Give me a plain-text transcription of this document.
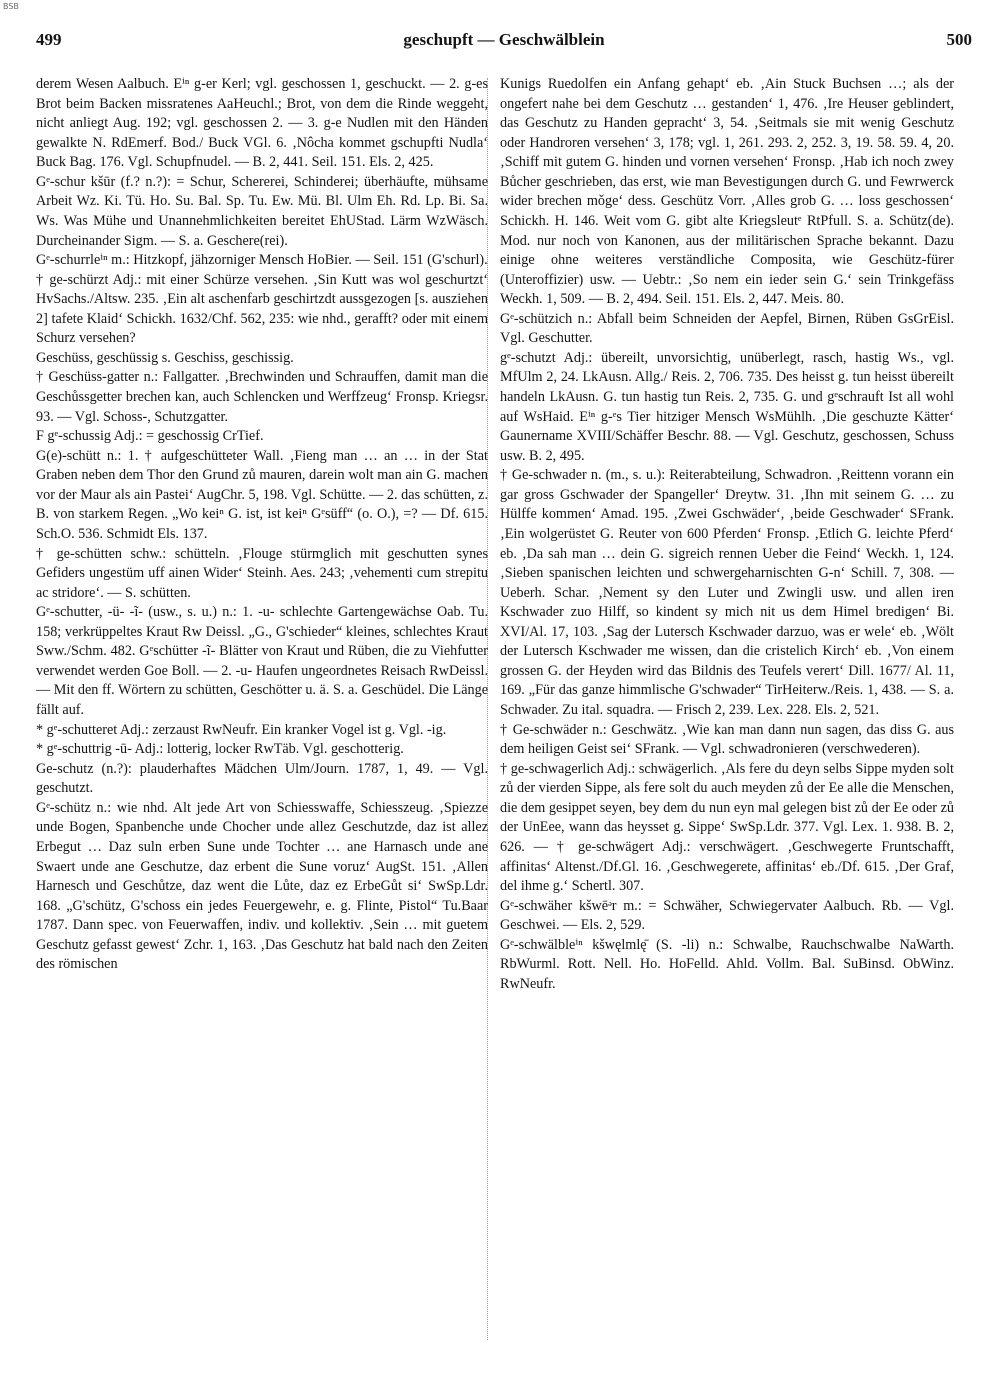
BSB
499	geschupft — Geschwälblein	500

derem Wesen Aalbuch. Eⁱⁿ g-er Kerl; vgl. geschossen 1, geschuckt. — 2. g-es Brot beim Backen missratenes AaHeuchl.; Brot, von dem die Rinde weggeht, nicht anliegt Aug. 192; vgl. geschossen 2. — 3. g-e Nudlen mit den Händen gewalkte N. RdEmerf. Bod./ Buck VGl. 6. ‚Nôcha kommet gschupfti Nudla‘ Buck Bag. 176. Vgl. Schupfnudel. — B. 2, 441. Seil. 151. Els. 2, 425.

Gᵉ-schur kšūr (f.? n.?): = Schur, Schererei, Schinderei; überhäufte, mühsame Arbeit Wz. Ki. Tü. Ho. Su. Bal. Sp. Tu. Ew. Mü. Bl. Ulm Eh. Rd. Lp. Bi. Sa. Ws. Was Mühe und Unannehmlichkeiten bereitet EhUStad. Lärm WzWäsch. Durcheinander Sigm. — S. a. Geschere(rei).

Gᵉ-schurrleⁱⁿ m.: Hitzkopf, jähzorniger Mensch HoBier. — Seil. 151 (G'schurl).

† ge-schürzt Adj.: mit einer Schürze versehen. ‚Sin Kutt was wol geschurtzt‘ HvSachs./Altsw. 235. ‚Ein alt aschenfarb geschirtzdt aussgezogen [s. ausziehen 2] tafete Klaid‘ Schickh. 1632/Chf. 562, 235: wie nhd., gerafft? oder mit einem Schurz versehen?

Geschüss, geschüssig s. Geschiss, geschissig.

† Geschüss-gatter n.: Fallgatter. ‚Brechwinden und Schrauffen, damit man die Geschůssgetter brechen kan, auch Schlencken und Werffzeug‘ Fronsp. Kriegsr. 93. — Vgl. Schoss-, Schutzgatter.

F gᵉ-schussig Adj.: = geschossig CrTief.

G(e)-schütt n.: 1. † aufgeschütteter Wall. ‚Fieng man … an … in der Stat Graben neben dem Thor den Grund zů mauren, darein wolt man ain G. machen vor der Maur als ain Pastei‘ AugChr. 5, 198. Vgl. Schütte. — 2. das schütten, z. B. von starkem Regen. „Wo keiⁿ G. ist, ist keiⁿ Gᵉsüff“ (o. O.), =? — Df. 615. Sch.O. 536. Schmidt Els. 137.

† ge-schütten schw.: schütteln. ‚Flouge stürmglich mit geschutten synes Gefiders ungestüm uff ainen Wider‘ Steinh. Aes. 243; ‚vehementi cum strepitu ac stridore‘. — S. schütten.

Gᵉ-schutter, -ü- -ĩ- (usw., s. u.) n.: 1. -u- schlechte Gartengewächse Oab. Tu. 158; verkrüppeltes Kraut Rw Deissl. „G., G'schieder“ kleines, schlechtes Kraut Sww./Schm. 482. Gᵉschütter -ĩ- Blätter von Kraut und Rüben, die zu Viehfutter verwendet werden Goe Boll. — 2. -u- Haufen ungeordnetes Reisach RwDeissl. — Mit den ff. Wörtern zu schütten, Geschötter u. ä. S. a. Geschüdel. Die Länge fällt auf.

* gᵉ-schutteret Adj.: zerzaust RwNeufr. Ein kranker Vogel ist g. Vgl. -ig.

* gᵉ-schuttrig -ū- Adj.: lotterig, locker RwTäb. Vgl. geschotterig.

Ge-schutz (n.?): plauderhaftes Mädchen Ulm/Journ. 1787, 1, 49. — Vgl. geschutzt.

Gᵉ-schütz n.: wie nhd. Alt jede Art von Schiesswaffe, Schiesszeug. ‚Spiezze unde Bogen, Spanbenche unde Chocher unde allez Geschutzde, daz ist allez Erbegut … Daz suln erben Sune unde Tochter … ane Harnasch unde ane Swaert unde ane Geschutze, daz erbent die Sune voruz‘ AugSt. 151. ‚Allen Harnesch und Geschůtze, daz went die Lůte, daz ez ErbeGůt si‘ SwSp.Ldr. 168. „G'schütz, G'schoss ein jedes Feuergewehr, e. g. Flinte, Pistol“ Tu.Baar 1787. Dann spec. von Feuerwaffen, indiv. und kollektiv. ‚Sein … mit guetem Geschutz gefasst gewest‘ Zchr. 1, 163. ‚Das Geschutz hat bald nach den Zeiten des römischen

Kunigs Ruedolfen ein Anfang gehapt‘ eb. ‚Ain Stuck Buchsen …; als der ongefert nahe bei dem Geschutz … gestanden‘ 1, 476. ‚Ire Heuser geblindert, das Geschutz zu Handen gepracht‘ 3, 54. ‚Seitmals sie mit wenig Geschutz oder Handroren versehen‘ 3, 178; vgl. 1, 261. 293. 2, 252. 3, 19. 58. 59. 4, 20. ‚Schiff mit gutem G. hinden und vornen versehen‘ Fronsp. ‚Hab ich noch zwey Bůcher geschrieben, das erst, wie man Bevestigungen durch G. und Fewrwerck wider brechen mǒge‘ dess. Geschütz Vorr. ‚Alles grob G. … loss geschossen‘ Schickh. H. 146. Weit vom G. gibt alte Kriegsleutᵉ RtPfull. S. a. Schütz(de). Mod. nur noch von Kanonen, aus der militärischen Sprache bekannt. Dazu einige ohne weiteres verständliche Composita, wie Geschütz-fürer (Unteroffizier) usw. — Uebtr.: ‚So nem ein ieder sein G.‘ sein Trinkgefäss Weckh. 1, 509. — B. 2, 494. Seil. 151. Els. 2, 447. Meis. 80.

Gᵉ-schützich n.: Abfall beim Schneiden der Aepfel, Birnen, Rüben GsGrEisl. Vgl. Geschutter.

gᵉ-schutzt Adj.: übereilt, unvorsichtig, unüberlegt, rasch, hastig Ws., vgl. MfUlm 2, 24. LkAusn. Allg./ Reis. 2, 706. 735. Des heisst g. tun heisst übereilt handeln LkAusn. G. tun hastig tun Reis. 2, 735. G. und gᵉschrauft Ist all wohl auf WsHaid. Eⁱⁿ g-ᵉs Tier hitziger Mensch WsMühlh. ‚Die geschuzte Kätter‘ Gaunername XVIII/Schäffer Beschr. 88. — Vgl. Geschutz, geschossen, Schuss usw. B. 2, 495.

† Ge-schwader n. (m., s. u.): Reiterabteilung, Schwadron. ‚Reittenn vorann ein gar gross Gschwader der Spangeller‘ Dreytw. 31. ‚Ihn mit seinem G. … zu Hülffe kommen‘ Amad. 195. ‚Zwei Gschwäder‘, ‚beide Geschwader‘ SFrank. ‚Ein wolgerüstet G. Reuter von 600 Pferden‘ Fronsp. ‚Etlich G. leichte Pferd‘ eb. ‚Da sah man … dein G. sigreich rennen Ueber die Feind‘ Weckh. 1, 124. ‚Sieben spanischen leichten und schwergeharnischten G-n‘ Schill. 7, 308. — Ueberh. Schar. ‚Nement sy den Luter und Zwingli usw. und allen iren Kschwader zuo Hilff, so kindent sy mich nit us dem Himel bredigen‘ Bi. XVI/Al. 17, 103. ‚Sag der Lutersch Kschwader darzuo, was er wele‘ eb. ‚Wölt der Lutersch Kschwader me wissen, dan die cristelich Kirch‘ eb. ‚Von einem grossen G. der Heyden wird das Bildnis des Teufels verert‘ Dill. 1677/ Al. 11, 169. „Für das ganze himmlische G'schwader“ TirHeiterw./Reis. 1, 438. — S. a. Schwader. Zu ital. squadra. — Frisch 2, 239. Lex. 228. Els. 2, 521.

† Ge-schwäder n.: Geschwätz. ‚Wie kan man dann nun sagen, das diss G. aus dem heiligen Geist sei‘ SFrank. — Vgl. schwadronieren (verschwederen).

† ge-schwagerlich Adj.: schwägerlich. ‚Als fere du deyn selbs Sippe myden solt zů der vierden Sippe, als fere solt du auch meyden zů der Ee alle die Menschen, die dem gesippet seyen, bey dem du nun eyn mal gelegen bist zů der Ee oder zů der UnEee, wann das heysset g. Sippe‘ SwSp.Ldr. 377. Vgl. Lex. 1. 938. B. 2, 626. — † ge-schwägert Adj.: verschwägert. ‚Geschwegerte Fruntschafft, affinitas‘ Altenst./Df.Gl. 16. ‚Geschwegerete, affinitas‘ eb./Df. 615. ‚Der Graf, del ihme g.‘ Schertl. 307.

Gᵉ-schwäher kšwēᵊr m.: = Schwäher, Schwiegervater Aalbuch. Rb. — Vgl. Geschwei. — Els. 2, 529.

Gᵉ-schwälbleⁱⁿ kšwęlmlę̄ (S. -li) n.: Schwalbe, Rauchschwalbe NaWarth. RbWurml. Rott. Nell. Ho. HoFelld. Ahld. Vollm. Bal. SuBinsd. ObWinz. RwNeufr.
